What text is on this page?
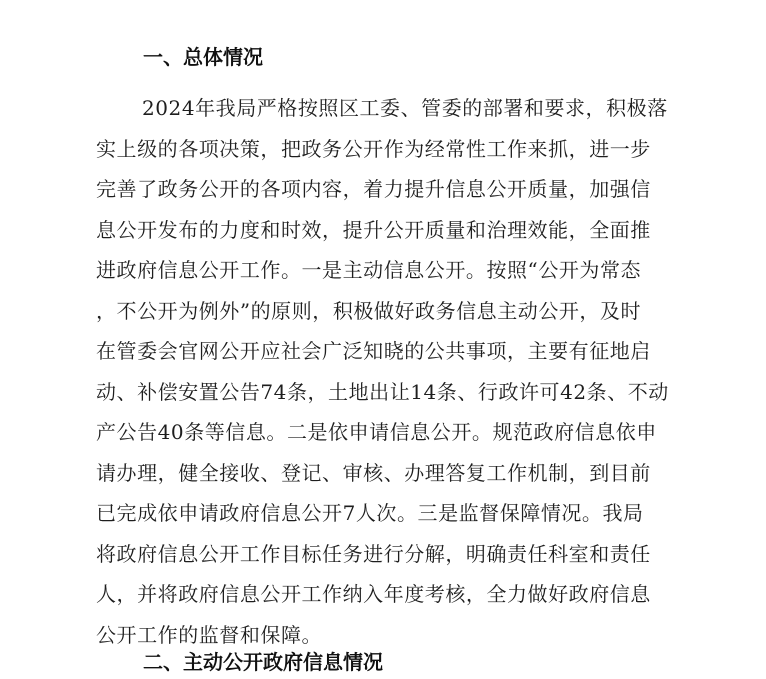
一、总体情况
2024年我局严格按照区工委、管委的部署和要求，积极落
实上级的各项决策，把政务公开作为经常性工作来抓，进一步
完善了政务公开的各项内容，着力提升信息公开质量，加强信
息公开发布的力度和时效，提升公开质量和治理效能，全面推
进政府信息公开工作。一是主动信息公开。按照“公开为常态
，不公开为例外”的原则，积极做好政务信息主动公开，及时
在管委会官网公开应社会广泛知晓的公共事项，主要有征地启
动、补偿安置公告74条，土地出让14条、行政许可42条、不动
产公告40条等信息。二是依申请信息公开。规范政府信息依申
请办理，健全接收、登记、审核、办理答复工作机制，到目前
已完成依申请政府信息公开7人次。三是监督保障情况。我局
将政府信息公开工作目标任务进行分解，明确责任科室和责任
人，并将政府信息公开工作纳入年度考核，全力做好政府信息
公开工作的监督和保障。
二、主动公开政府信息情况
